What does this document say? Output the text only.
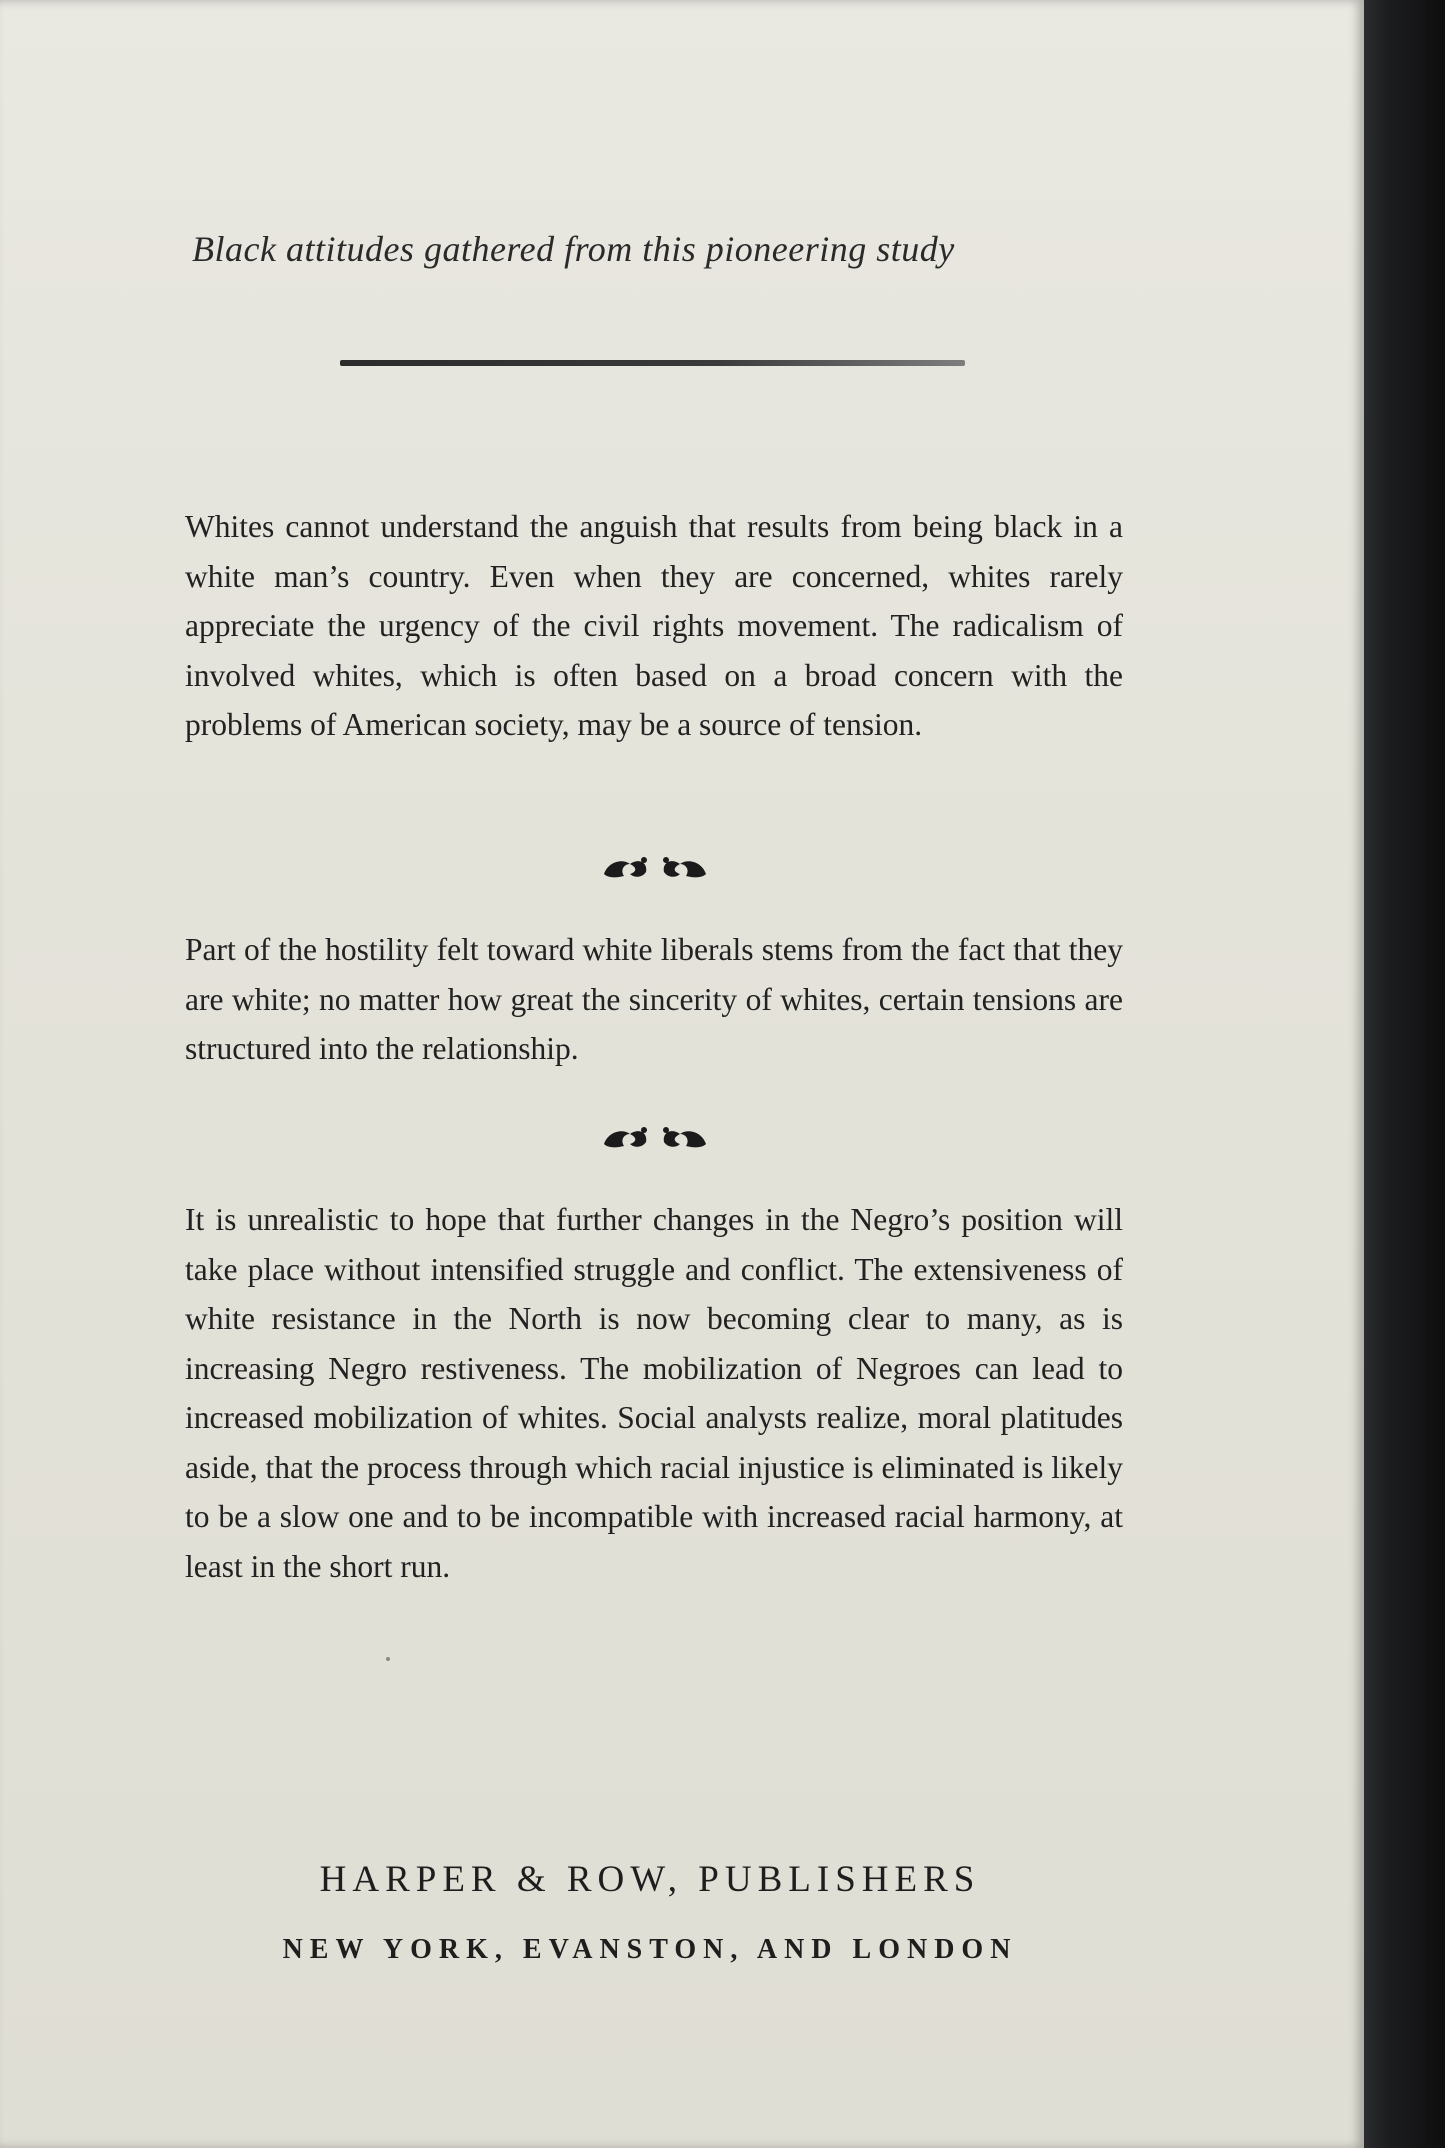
Black attitudes gathered from this pioneering study
Whites cannot understand the anguish that results from being black in a white man’s country. Even when they are concerned, whites rarely appreciate the urgency of the civil rights movement. The radicalism of involved whites, which is often based on a broad concern with the problems of American society, may be a source of tension.
Part of the hostility felt toward white liberals stems from the fact that they are white; no matter how great the sincerity of whites, certain tensions are structured into the relationship.
It is unrealistic to hope that further changes in the Negro’s position will take place without intensified struggle and conflict. The extensiveness of white resistance in the North is now becoming clear to many, as is increasing Negro restiveness. The mobilization of Negroes can lead to increased mobilization of whites. Social analysts realize, moral platitudes aside, that the process through which racial injustice is eliminated is likely to be a slow one and to be incompatible with increased racial harmony, at least in the short run.
HARPER & ROW, PUBLISHERS
NEW YORK, EVANSTON, AND LONDON
